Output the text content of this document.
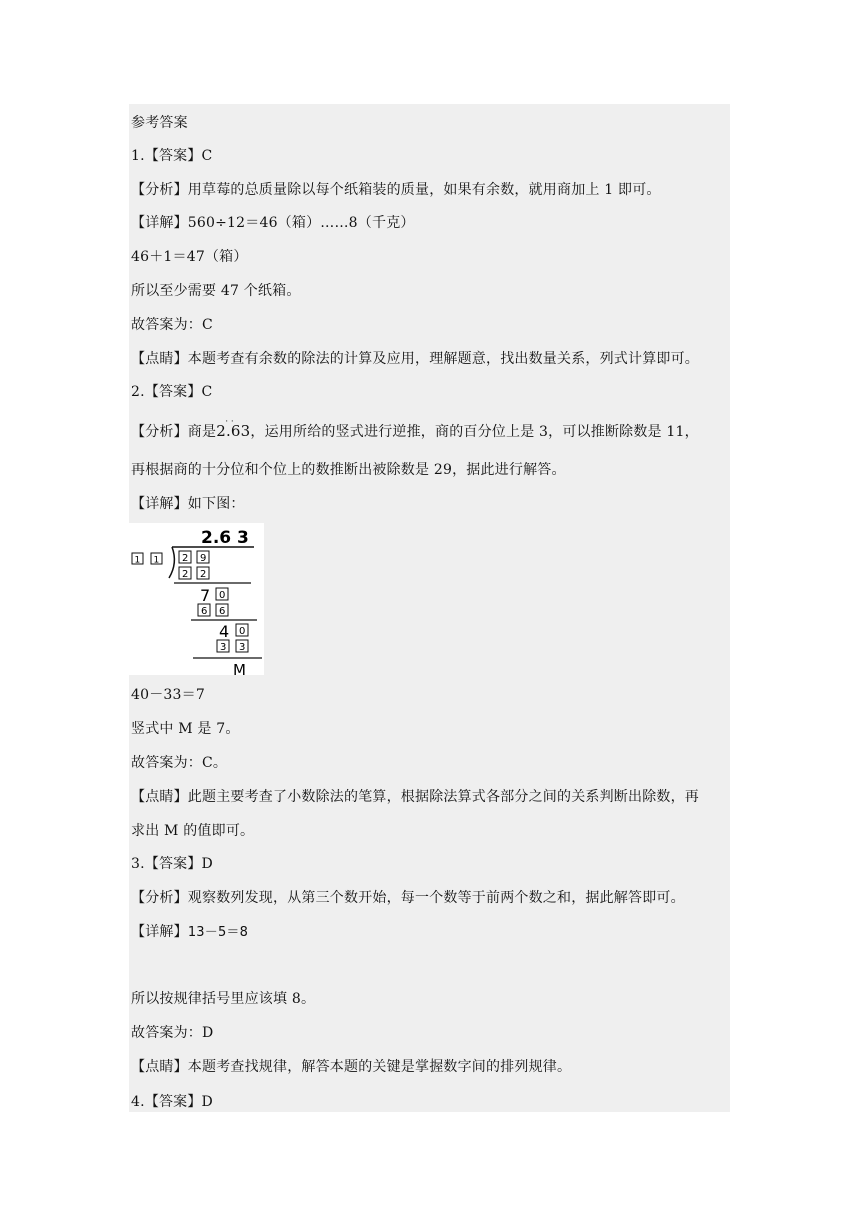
参考答案
1.【答案】C
【分析】用草莓的总质量除以每个纸箱装的质量，如果有余数，就用商加上 1 即可。
【详解】560÷12＝46（箱）……8（千克）
46＋1＝47（箱）
所以至少需要 47 个纸箱。
故答案为：C
【点睛】本题考查有余数的除法的计算及应用，理解题意，找出数量关系，列式计算即可。
2.【答案】C
【分析】商是· · 2.63，运用所给的竖式进行逆推，商的百分位上是 3，可以推断除数是 11，
再根据商的十分位和个位上的数推断出被除数是 29，据此进行解答。
【详解】如下图：
2.6 3
1 1 2 9
2 2
7 0
6 6
4 0
3 3
M
40－33＝7
竖式中 M 是 7。
故答案为：C。
【点睛】此题主要考查了小数除法的笔算，根据除法算式各部分之间的关系判断出除数，再
求出 M 的值即可。
3.【答案】D
【分析】观察数列发现，从第三个数开始，每一个数等于前两个数之和，据此解答即可。
【详解】13－5＝8
所以按规律括号里应该填 8。
故答案为：D
【点睛】本题考查找规律，解答本题的关键是掌握数字间的排列规律。
4.【答案】D
